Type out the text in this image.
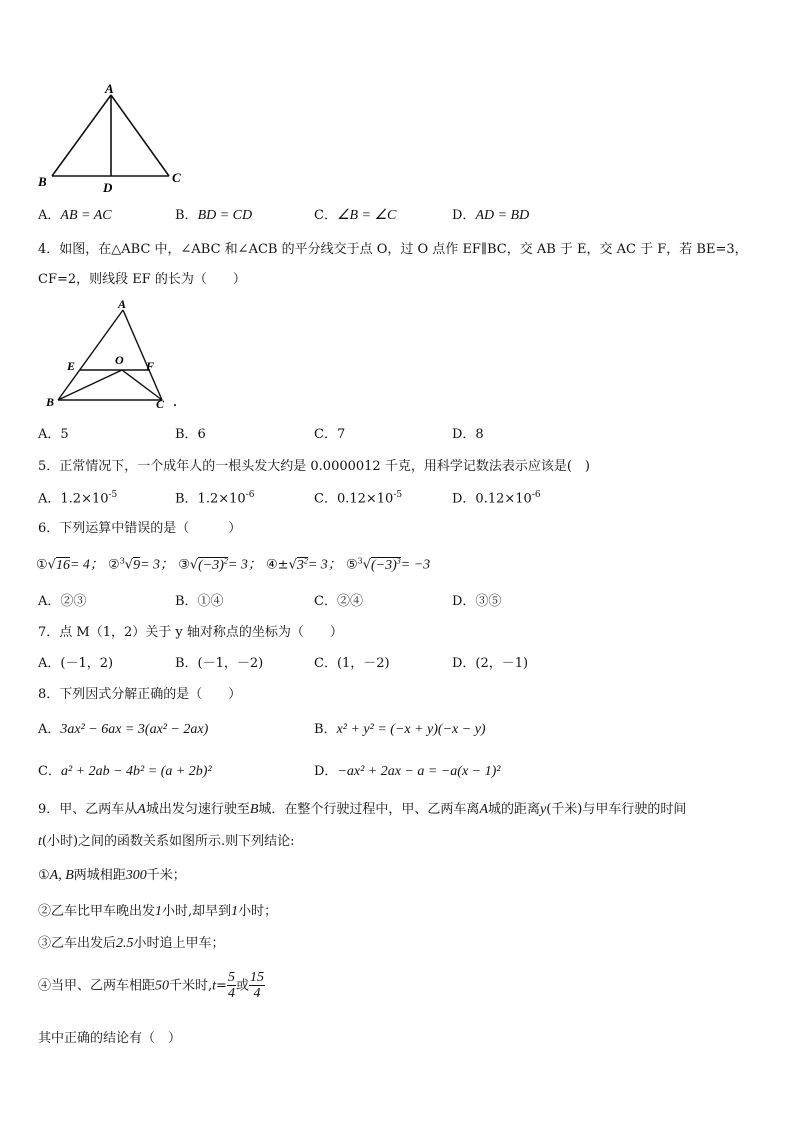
A
B	C
D
A．AB = AC	B．BD = CD	C．∠B = ∠C	D．AD = BD
4．如图，在△ABC 中，∠ABC 和∠ACB 的平分线交于点 O，过 O 点作 EF∥BC，交 AB 于 E，交 AC 于 F，若 BE=3，
CF=2，则线段 EF 的长为（　　）
A
E	O F
B	C .
A．5	B．6	C．7	D．8
5．正常情况下，一个成年人的一根头发大约是 0.0000012 千克，用科学记数法表示应该是(　)
A．$1.2\times 10^{-5}$	B．$1.2\times 10^{-6}$	C．$0.12\times 10^{-5}$	D．$0.12\times 10^{-6}$
6．下列运算中错误的是（　　　）
①√16= 4； ②$^3$√9= 3； $③√(-3)^2= 3$； $④\pm√3^2= 3$； $⑤^3√(-3)^3= -3$
A．②③	B．①④	C．②④	D．③⑤
7．点 M（1，2）关于 y 轴对称点的坐标为（　　）
A．(－1，2)	B．(－1，－2)	C．(1，－2)	D．(2，－1)
8．下列因式分解正确的是（　　）
A．3ax² − 6ax = 3(ax² − 2ax)	B．x² + y² = (−x + y)(−x − y)
C．a² + 2ab − 4b² = (a + 2b)²	D．−ax² + 2ax − a = −a(x − 1)²
9．甲、乙两车从A城出发匀速行驶至B城．在整个行驶过程中，甲、乙两车离A城的距离y(千米)与甲车行驶的时间
t(小时)之间的函数关系如图所示.则下列结论:
①A, B两城相距300千米；
②乙车比甲车晚出发1小时,却早到1小时；
③乙车出发后2.5小时追上甲车；
④当甲、乙两车相距50千米时$,t= \frac{5}{4}$ 或 $\frac{15}{4}$
其中正确的结论有（　）
